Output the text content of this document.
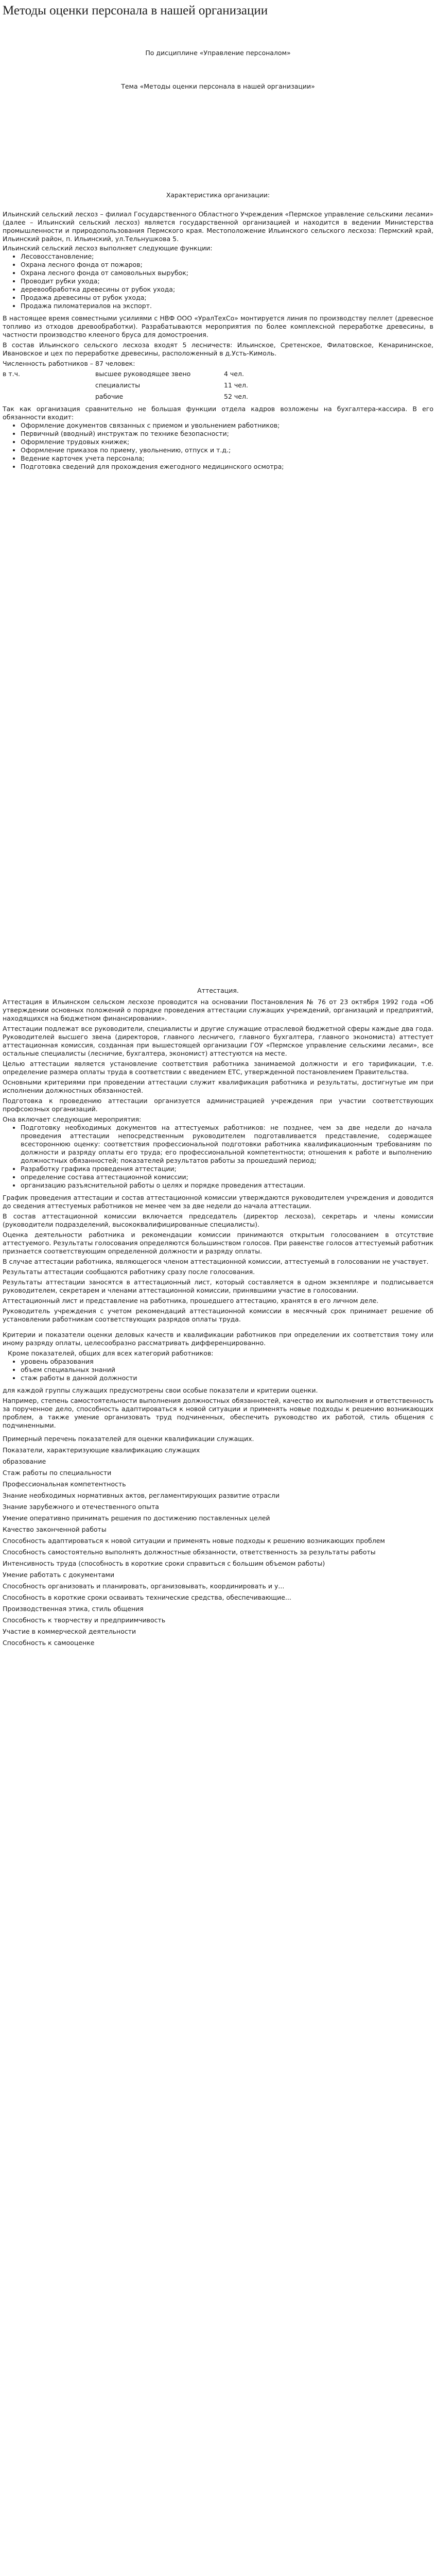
Методы оценки персонала в нашей организации
По дисциплине «Управление персоналом»
Тема «Методы оценки персонала в нашей организации»
Характеристика организации:

Ильинский сельский лесхоз – филиал Государственного Областного Учреждения «Пермское управление сельскими лесами» (далее – Ильинский сельский лесхоз) является государственной организацией и находится в ведении Министерства промышленности и природопользования Пермского края. Местоположение Ильинского сельского лесхоза: Пермский край, Ильинский район, п. Ильинский, ул.Тельнушкова 5.

Ильинский сельский лесхоз выполняет следующие функции:

• Лесовосстановление;
• Охрана лесного фонда от пожаров;
• Охрана лесного фонда от самовольных вырубок;
• Проводит рубки ухода;
• деревообработка древесины от рубок ухода;
• Продажа древесины от рубок ухода;
• Продажа пиломатериалов на экспорт.

В настоящее время совместными усилиями с НВФ ООО «УралТехСо» монтируется линия по производству пеллет (древесное топливо из отходов древообработки). Разрабатываются мероприятия по более комплексной переработке древесины, в частности производство клееного бруса для домостроения.

В состав Ильинского сельского лесхоза входят 5 лесничеств: Ильинское, Сретенское, Филатовское, Кенарининское, Ивановское и цех по переработке древесины, расположенный в д.Усть-Кимоль.

Численность работников – 87 человек:

в т.ч.	высшее руководящее звено	4 чел.
специалисты	11 чел.
рабочие	52 чел.

Так как организация сравнительно не большая функции отдела кадров возложены на бухгалтера-кассира. В его обязанности входит:

• Оформление документов связанных с приемом и увольнением работников;
• Первичный (вводный) инструктаж по технике безопасности;
• Оформление трудовых книжек;
• Оформление приказов по приему, увольнению, отпуск и т.д.;
• Ведение карточек учета персонала;
• Подготовка сведений для прохождения ежегодного медицинского осмотра;
Аттестация.

Аттестация в Ильинском сельском лесхозе проводится на основании Постановления № 76 от 23 октября 1992 года «Об утверждении основных положений о порядке проведения аттестации служащих учреждений, организаций и предприятий, находящихся на бюджетном финансировании».

Аттестации подлежат все руководители, специалисты и другие служащие отраслевой бюджетной сферы каждые два года. Руководителей высшего звена (директоров, главного лесничего, главного бухгалтера, главного экономиста) аттестует аттестационная комиссия, созданная при вышестоящей организации ГОУ «Пермское управление сельскими лесами», все остальные специалисты (лесничие, бухгалтера, экономист) аттестуются на месте.

Целью аттестации является установление соответствия работника занимаемой должности и его тарификации, т.е. определение размера оплаты труда в соответствии с введением ЕТС, утвержденной постановлением Правительства.

Основными критериями при проведении аттестации служит квалификация работника и результаты, достигнутые им при исполнении должностных обязанностей.

Подготовка к проведению аттестации организуется администрацией учреждения при участии соответствующих профсоюзных организаций.

Она включает следующие мероприятия:

• Подготовку необходимых документов на аттестуемых работников: не позднее, чем за две недели до начала проведения аттестации непосредственным руководителем подготавливается представление, содержащее всестороннюю оценку: соответствия профессиональной подготовки работника квалификационным требованиям по должности и разряду оплаты его труда; его профессиональной компетентности; отношения к работе и выполнению должностных обязанностей; показателей результатов работы за прошедший период;
• Разработку графика проведения аттестации;
• определение состава аттестационной комиссии;
• организацию разъяснительной работы о целях и порядке проведения аттестации.

График проведения аттестации и состав аттестационной комиссии утверждаются руководителем учреждения и доводится до сведения аттестуемых работников не менее чем за две недели до начала аттестации.

В состав аттестационной комиссии включается председатель (директор лесхоза), секретарь и члены комиссии (руководители подразделений, высококвалифицированные специалисты).

Оценка деятельности работника и рекомендации комиссии принимаются открытым голосованием в отсутствие аттестуемого. Результаты голосования определяются большинством голосов. При равенстве голосов аттестуемый работник признается соответствующим определенной должности и разряду оплаты.

В случае аттестации работника, являющегося членом аттестационной комиссии, аттестуемый в голосовании не участвует.

Результаты аттестации сообщаются работнику сразу после голосования.

Результаты аттестации заносятся в аттестационный лист, который составляется в одном экземпляре и подписывается руководителем, секретарем и членами аттестационной комиссии, принявшими участие в голосовании.

Аттестационный лист и представление на работника, прошедшего аттестацию, хранятся в его личном деле.

Руководитель учреждения с учетом рекомендаций аттестационной комиссии в месячный срок принимает решение об установлении работникам соответствующих разрядов оплаты труда.

Критерии и показатели оценки деловых качеств и квалификации работников при определении их соответствия тому или иному разряду оплаты, целесообразно рассматривать дифференцированно.

Кроме показателей, общих для всех категорий работников:

• уровень образования
• объем специальных знаний
• стаж работы в данной должности

для каждой группы служащих предусмотрены свои особые показатели и критерии оценки.

Например, степень самостоятельности выполнения должностных обязанностей, качество их выполнения и ответственность за порученное дело, способность адаптироваться к новой ситуации и применять новые подходы к решению возникающих проблем, а также умение организовать труд подчиненных, обеспечить руководство их работой, стиль общения с подчиненными.

Примерный перечень показателей для оценки квалификации служащих.

Показатели, характеризующие квалификацию служащих
образование
Стаж работы по специальности
Профессиональная компетентность
Знание необходимых нормативных актов, регламентирующих развитие отрасли
Знание зарубежного и отечественного опыта
Умение оперативно принимать решения по достижению поставленных целей
Качество законченной работы
Способность адаптироваться к новой ситуации и применять новые подходы к решению возникающих проблем
Способность самостоятельно выполнять должностные обязанности, ответственность за результаты работы
Интенсивность труда (способность в короткие сроки справиться с большим объемом работы)
Умение работать с документами
Способность организовать и планировать, организовывать, координировать и у...
Способность в короткие сроки осваивать технические средства, обеспечивающие...
Производственная этика, стиль общения
Способность к творчеству и предприимчивость
Участие в коммерческой деятельности
Способность к самооценке
